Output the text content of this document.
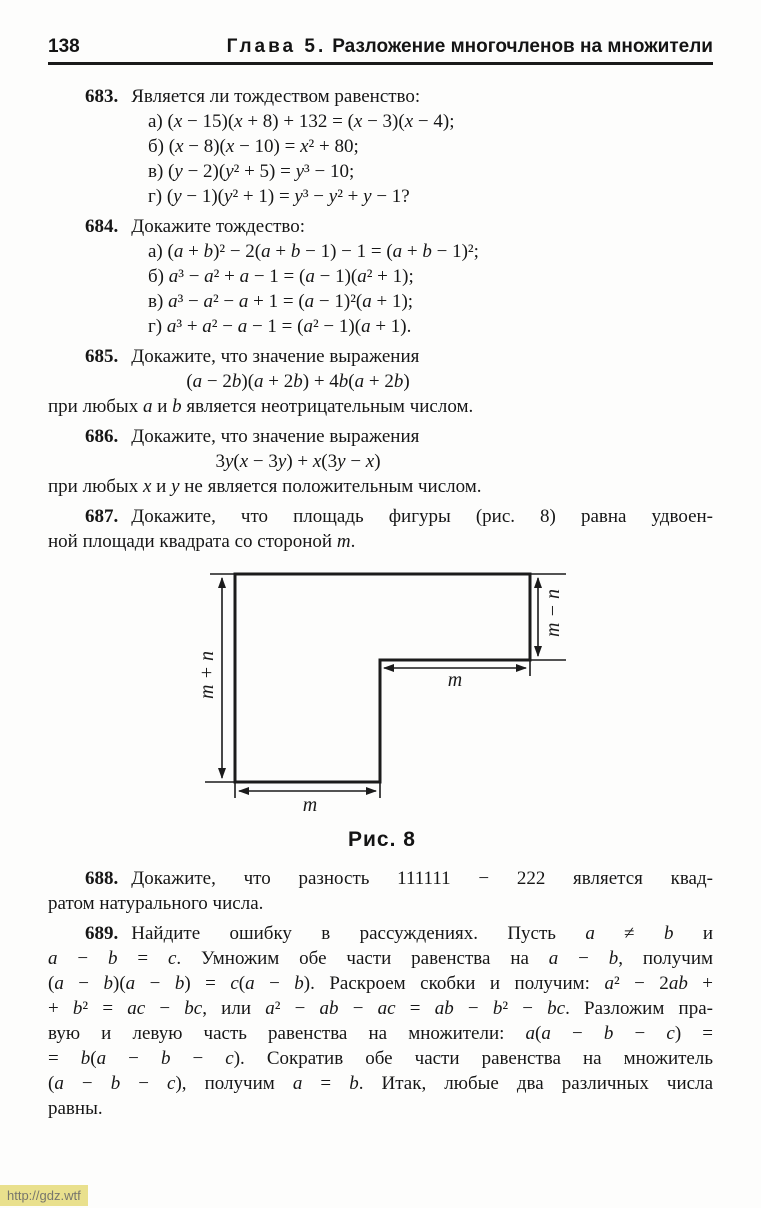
138	Глава 5. Разложение многочленов на множители
683. Является ли тождеством равенство:
а) (x − 15)(x + 8) + 132 = (x − 3)(x − 4);
б) (x − 8)(x − 10) = x² + 80;
в) (y − 2)(y² + 5) = y³ − 10;
г) (y − 1)(y² + 1) = y³ − y² + y − 1?
684. Докажите тождество:
а) (a + b)² − 2(a + b − 1) − 1 = (a + b − 1)²;
б) a³ − a² + a − 1 = (a − 1)(a² + 1);
в) a³ − a² − a + 1 = (a − 1)²(a + 1);
г) a³ + a² − a − 1 = (a² − 1)(a + 1).
685. Докажите, что значение выражения
(a − 2b)(a + 2b) + 4b(a + 2b)
при любых a и b является неотрицательным числом.
686. Докажите, что значение выражения
3y(x − 3y) + x(3y − x)
при любых x и y не является положительным числом.
687. Докажите, что площадь фигуры (рис. 8) равна удвоен-
ной площади квадрата со стороной m.
m + n
m − n
m
m
Рис. 8
688. Докажите, что разность 111111 − 222 является квад-
ратом натурального числа.
689. Найдите ошибку в рассуждениях. Пусть a ≠ b и
a − b = c. Умножим обе части равенства на a − b, получим
(a − b)(a − b) = c(a − b). Раскроем скобки и получим: a² − 2ab +
+ b² = ac − bc, или a² − ab − ac = ab − b² − bc. Разложим пра-
вую и левую часть равенства на множители: a(a − b − c) =
= b(a − b − c). Сократив обе части равенства на множитель
(a − b − c), получим a = b. Итак, любые два различных числа
равны.
http://gdz.wtf
